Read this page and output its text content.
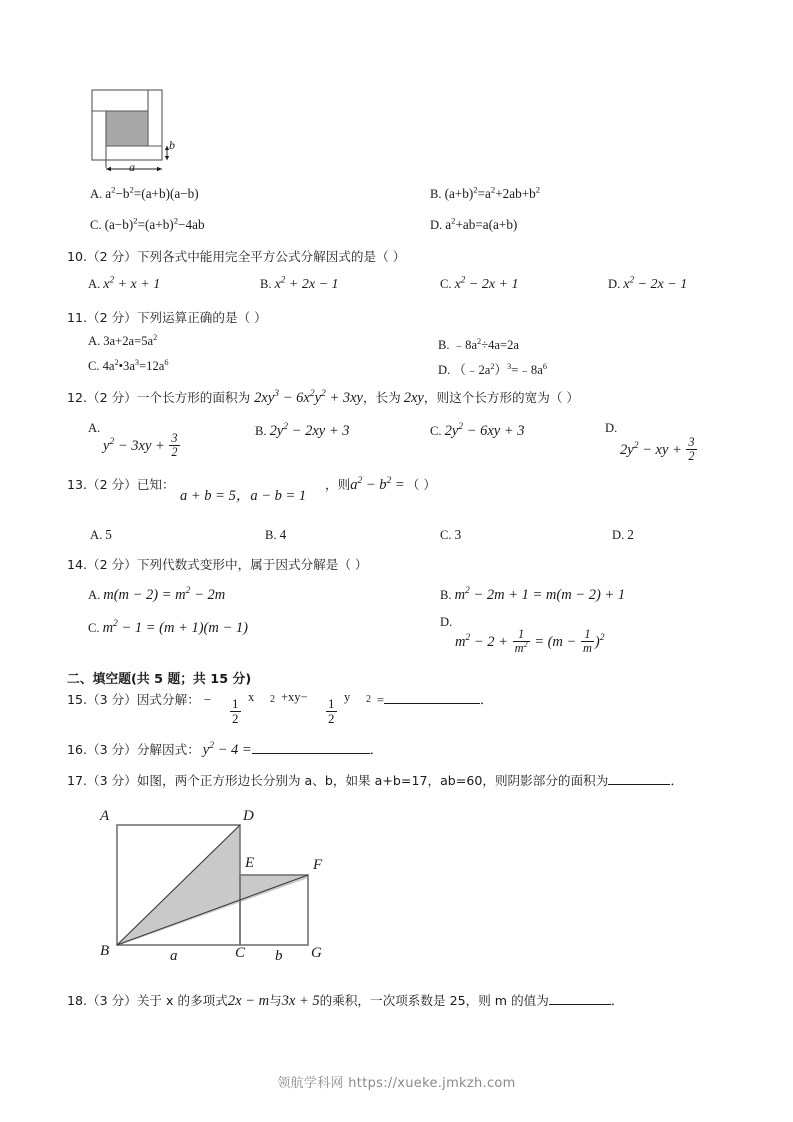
b
a
A. $a^2-b^2=(a+b)(a-b)$	B. $(a+b)^2=a^2+2ab+b^2$
C. $(a-b)^2=(a+b)^2-4ab$	D. $a^2+ab=a(a+b)$
10.（2 分）下列各式中能用完全平方公式分解因式的是（ ）
A. $x^2 + x + 1$	B. $x^2 + 2x - 1$	C. $x^2 - 2x + 1$	D. $x^2 - 2x - 1$
11.（2 分）下列运算正确的是（ ）
A. $3a+2a=5a^2$
B. $﹣8a^2\div 4a=2a$
C. $4a^2•3a^3=12a^6$
D. $(﹣2a^2)^3=﹣8a^6$
12.（2 分）一个长方形的面积为 $2xy^3 - 6x^2y^2 + 3xy$，长为 2xy，则这个长方形的宽为（ ）
A.
$y^2 - 3xy + \frac{3}{2}$
B. $2y^2 - 2xy + 3$	C. $2y^2 - 6xy + 3$	D.
$2y^2$ − xy + $\frac{3}{2}$
13.（2 分）已知：
a + b = 5，a − b = 1
，则$a^2 - b^2$ = （ ）
A. 5	B. 4	C. 3	D. 2
14.（2 分）下列代数式变形中，属于因式分解是（ ）
A. $m(m - 2) = m^2 - 2m$	B. $m^2 - 2m + 1 = m(m - 2) + 1$
C. $m^2 - 1 = (m + 1)(m - 1)$	D.
$m^2 - 2 + \frac{1}{m^2} = (m - \frac{1}{m} )^2$
二、填空题(共 5 题；共 15 分)
15.（3 分）因式分解： − $\frac{1}{2}$ x $2 +xy- \frac{1}{2}$ y 2 =	．
16.（3 分）分解因式： $y^2 - 4$ =	．
17.（3 分）如图，两个正方形边长分别为 a、b，如果 a+b=17，ab=60，则阴影部分的面积为	．
A	D
E	F
B	C	G
a	b
18.（3 分）关于 x 的多项式2x − m与3x + 5的乘积，一次项系数是 25，则 m 的值为	．
领航学科网 https://xueke.jmkzh.com
